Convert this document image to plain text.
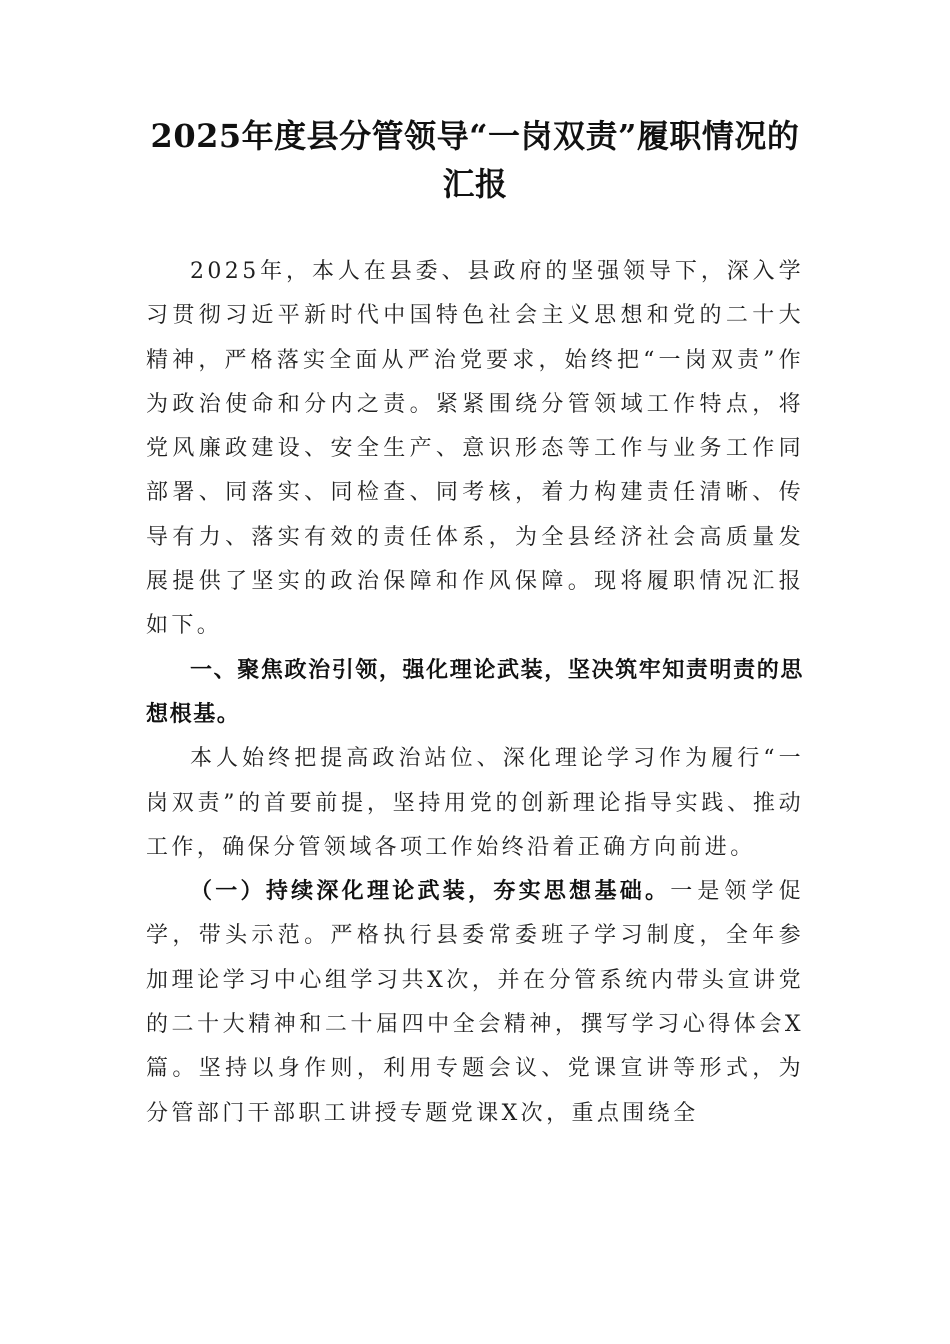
2025年度县分管领导“一岗双责”履职情况的汇报

2025年，本人在县委、县政府的坚强领导下，深入学习贯彻习近平新时代中国特色社会主义思想和党的二十大精神，严格落实全面从严治党要求，始终把“一岗双责”作为政治使命和分内之责。紧紧围绕分管领域工作特点，将党风廉政建设、安全生产、意识形态等工作与业务工作同部署、同落实、同检查、同考核，着力构建责任清晰、传导有力、落实有效的责任体系，为全县经济社会高质量发展提供了坚实的政治保障和作风保障。现将履职情况汇报如下。

一、聚焦政治引领，强化理论武装，坚决筑牢知责明责的思想根基。

本人始终把提高政治站位、深化理论学习作为履行“一岗双责”的首要前提，坚持用党的创新理论指导实践、推动工作，确保分管领域各项工作始终沿着正确方向前进。

（一）持续深化理论武装，夯实思想基础。一是领学促学，带头示范。严格执行县委常委班子学习制度，全年参加理论学习中心组学习共X次，并在分管系统内带头宣讲党的二十大精神和二十届四中全会精神，撰写学习心得体会X篇。坚持以身作则，利用专题会议、党课宣讲等形式，为分管部门干部职工讲授专题党课X次，重点围绕全
